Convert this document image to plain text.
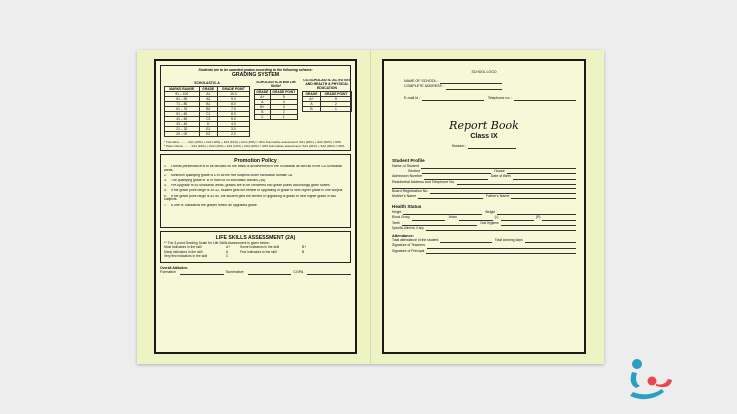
Students are to be awarded grades according to the following scheme:
GRADING SYSTEM
SCHOLASTIC-A
MARKS RANGE	GRADE	GRADE POINT
91 – 100	A1	10.0
81 – 90	A2	9.0
71 – 80	B1	8.0
61 – 70	B2	7.0
51 – 60	C1	6.0
41 – 50	C2	5.0
33 – 40	D	4.0
21 – 32	E1	3.0
20 – 00	E2	2.0
SCHOLASTIC-B and Life Skills*
GRADE	GRADE POINT
A+	5
A	4
B+	3
B	2
C	1
CO-SCHOLASTIC ACTIVITIES AND HEALTH & PHYSICAL EDUCATION
GRADE	GRADE POINT
A+	5
A	2
B	1
* Formative ......... FA1 (10%) + FA2 (10%) + FA3 (10%) + FA4 (10%) = 40% Summative assessment: SA1 (20%) + SA2 (40%) = 60%
* Pass criteria ......... FA1 (10%) + FA2 (10%) + FA3 (10%) + FA4 (10%) = 40% Summative assessment: SA1 (20%) + SA2 (40%) = 60%
Promotion Policy
1. Overall performance is to be decided on the basis of achievement in the Scholastic as well as in the Co-Scholastic areas.
2. Minimum qualifying grade is D in all the five subjects under scholastic domain 1A.
3. The qualifying grade is 'B' in each of co-scholastic domain 2(A).
4. Pre-upgrade to co-scholastic areas, grades are to be converted into grade points accordingly given scales.
5. If the grade point range is 30-42, student gets the benefit of upgrading of grade to next higher grade in one subject.
6. If the grade point range is 42-50, the student gets the benefit of upgrading of grade to next higher grade in two subjects.
7. A one or Standards the grades reflect an upgraded grade.
LIFE SKILLS ASSESSMENT (2A)
** The 3-point Grading Scale for Life Skills Assessment is given below:
Most indicators in the skill	A+	Some indicators in the skill	B+
Many indicators in the skill	A	Few indicators in the skill	B
Very few indicators in the skill	C
Overall Attitudes:
Formative	Summative	CGPA
SCHOOL LOGO
NAME OF SCHOOL :
COMPLETE ADDRESS :
E-mail Id :	Telephone no. :
Report Book
Class IX
Session :
Student Profile
Name of Student
Section	House
Admission Number	Date of Birth
Residential Address and Telephone No.
Board Registration No.
Mother's Name	Father's Name
Health Status
Height	Weight
Blood Group	Vision	(L)	(R)
Teeth	Oral Hygiene
Specific Ailment, if any
Attendance:
Total attendance of the student	Total working days
Signature of Teachers
Signature of Principal
